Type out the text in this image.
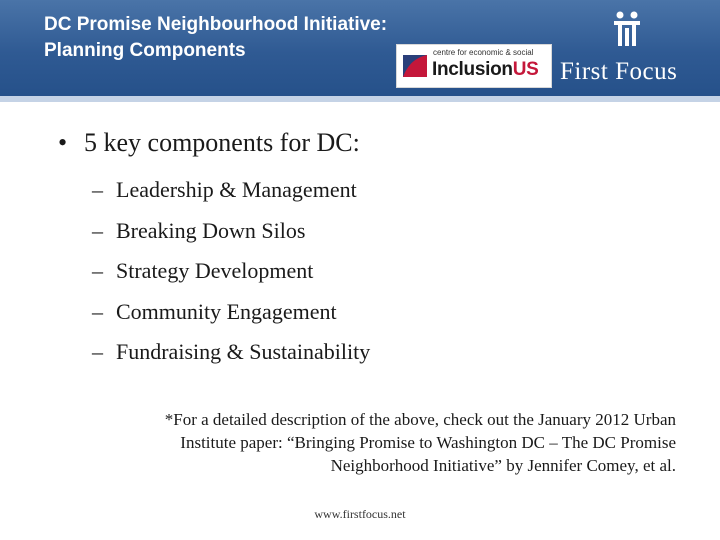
DC Promise Neighbourhood Initiative:
Planning Components	centre for economic & social
InclusionUS First Focus
• 5 key components for DC:
– Leadership & Management
– Breaking Down Silos
– Strategy Development
– Community Engagement
– Fundraising & Sustainability
*For a detailed description of the above, check out the January 2012 Urban
Institute paper: “Bringing Promise to Washington DC – The DC Promise
Neighborhood Initiative” by Jennifer Comey, et al.
www.firstfocus.net
